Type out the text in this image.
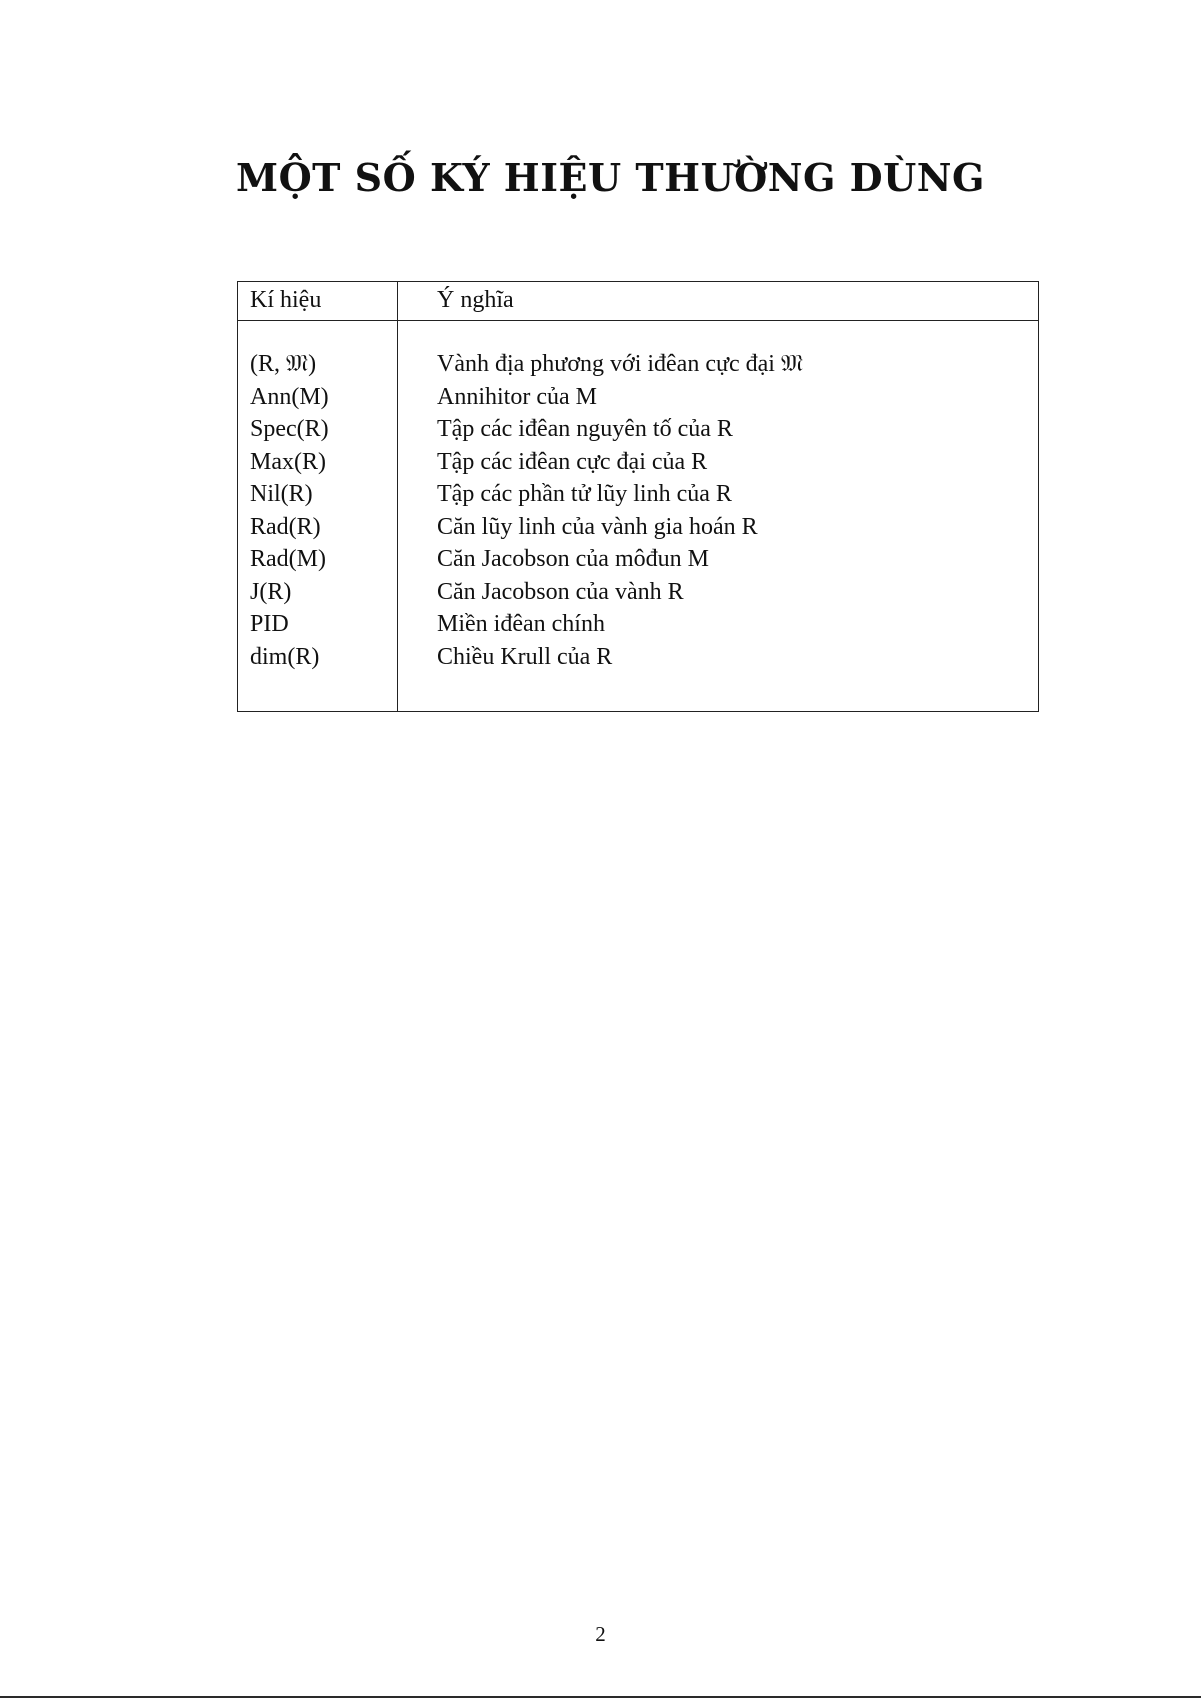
MỘT SỐ KÝ HIỆU THƯỜNG DÙNG
Kí hiệu	Ý nghĩa
(R, 𝔐)	Vành địa phương với iđêan cực đại 𝔐
Ann(M)	Annihitor của M
Spec(R)	Tập các iđêan nguyên tố của R
Max(R)	Tập các iđêan cực đại của R
Nil(R)	Tập các phần tử lũy linh của R
Rad(R)	Căn lũy linh của vành gia hoán R
Rad(M)	Căn Jacobson của môđun M
J(R)	Căn Jacobson của vành R
PID	Miền iđêan chính
dim(R)	Chiều Krull của R
2
